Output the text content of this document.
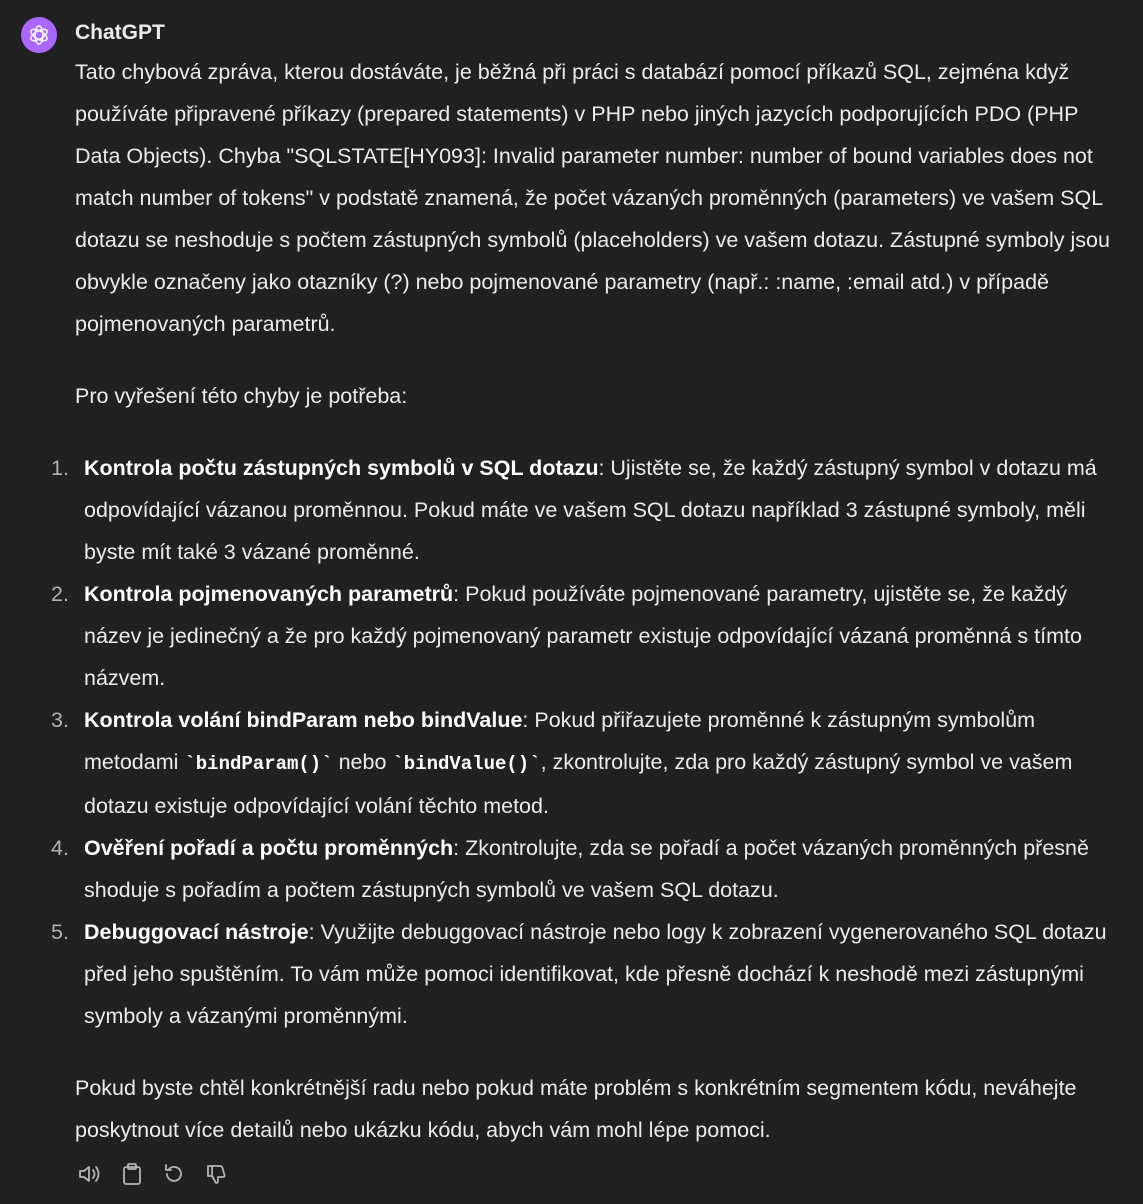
ChatGPT

Tato chybová zpráva, kterou dostáváte, je běžná při práci s databází pomocí příkazů SQL, zejména když používáte připravené příkazy (prepared statements) v PHP nebo jiných jazycích podporujících PDO (PHP Data Objects). Chyba "SQLSTATE[HY093]: Invalid parameter number: number of bound variables does not match number of tokens" v podstatě znamená, že počet vázaných proměnných (parameters) ve vašem SQL dotazu se neshoduje s počtem zástupných symbolů (placeholders) ve vašem dotazu. Zástupné symboly jsou obvykle označeny jako otazníky (?) nebo pojmenované parametry (např.: :name, :email atd.) v případě pojmenovaných parametrů.

Pro vyřešení této chyby je potřeba:

1. Kontrola počtu zástupných symbolů v SQL dotazu: Ujistěte se, že každý zástupný symbol v dotazu má odpovídající vázanou proměnnou. Pokud máte ve vašem SQL dotazu například 3 zástupné symboly, měli byste mít také 3 vázané proměnné.
2. Kontrola pojmenovaných parametrů: Pokud používáte pojmenované parametry, ujistěte se, že každý název je jedinečný a že pro každý pojmenovaný parametr existuje odpovídající vázaná proměnná s tímto názvem.
3. Kontrola volání bindParam nebo bindValue: Pokud přiřazujete proměnné k zástupným symbolům metodami `bindParam()` nebo `bindValue()`, zkontrolujte, zda pro každý zástupný symbol ve vašem dotazu existuje odpovídající volání těchto metod.
4. Ověření pořadí a počtu proměnných: Zkontrolujte, zda se pořadí a počet vázaných proměnných přesně shoduje s pořadím a počtem zástupných symbolů ve vašem SQL dotazu.
5. Debuggovací nástroje: Využijte debuggovací nástroje nebo logy k zobrazení vygenerovaného SQL dotazu před jeho spuštěním. To vám může pomoci identifikovat, kde přesně dochází k neshodě mezi zástupnými symboly a vázanými proměnnými.

Pokud byste chtěl konkrétnější radu nebo pokud máte problém s konkrétním segmentem kódu, neváhejte poskytnout více detailů nebo ukázku kódu, abych vám mohl lépe pomoci.
